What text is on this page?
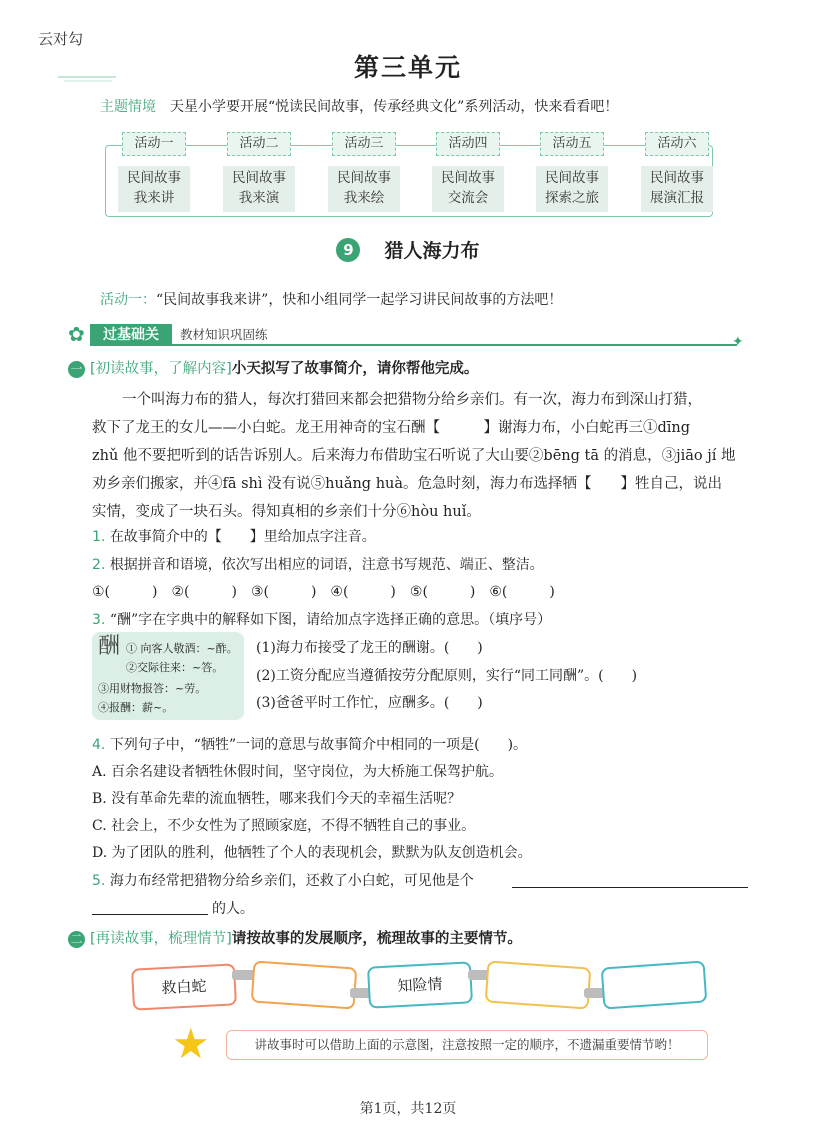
云对勾
第三单元
主题情境 天星小学要开展“悦读民间故事，传承经典文化”系列活动，快来看看吧！
活动一
民间故事
我来讲
活动二
民间故事
我来演
活动三
民间故事
我来绘
活动四
民间故事
交流会
活动五
民间故事
探索之旅
活动六
民间故事
展演汇报
9 猎人海力布
活动一：“民间故事我来讲”，快和小组同学一起学习讲民间故事的方法吧！
✿	过基础关	教材知识巩固练	✦
一 [初读故事，了解内容]小天拟写了故事简介，请你帮他完成。

一个叫海力布的猎人，每次打猎回来都会把猎物分给乡亲们。有一次，海力布到深山打猎，

救下了龙王的女儿——小白蛇。龙王用神奇的宝石酬【　　　】谢海力布，小白蛇再三①dīng
zhǔ 他不要把听到的话告诉别人。后来海力布借助宝石听说了大山要②bēng tā 的消息，③jiāo jí 地
劝乡亲们搬家，并④fā shì 没有说⑤huǎng huà。危急时刻，海力布选择牺【　　】牲自己，说出
实情，变成了一块石头。得知真相的乡亲们十分⑥hòu huǐ。
1. 在故事简介中的【　　】里给加点字注音。
2. 根据拼音和语境，依次写出相应的词语，注意书写规范、端正、整洁。
①(　　　)　②(　　　)　③(　　　)　④(　　　)　⑤(　　　)　⑥(　　　)
3. “酬”字在字典中的解释如下图，请给加点字选择正确的意思。（填序号）
酬 ① 向客人敬酒：~酢。
②交际往来：~答。
③用财物报答：~劳。
④报酬：薪~。
(1)海力布接受了龙王的酬谢。(　　)
(2)工资分配应当遵循按劳分配原则，实行“同工同酬”。(　　)
(3)爸爸平时工作忙，应酬多。(　　)
4. 下列句子中，“牺牲”一词的意思与故事简介中相同的一项是(　　)。
A. 百余名建设者牺牲休假时间，坚守岗位，为大桥施工保驾护航。
B. 没有革命先辈的流血牺牲，哪来我们今天的幸福生活呢？
C. 社会上，不少女性为了照顾家庭，不得不牺牲自己的事业。
D. 为了团队的胜利，他牺牲了个人的表现机会，默默为队友创造机会。
5. 海力布经常把猎物分给乡亲们，还救了小白蛇，可见他是个
的人。
二 [再读故事，梳理情节]请按故事的发展顺序，梳理故事的主要情节。
救白蛇	知险情
★	讲故事时可以借助上面的示意图，注意按照一定的顺序，不遗漏重要情节哟！
第1页，共12页
